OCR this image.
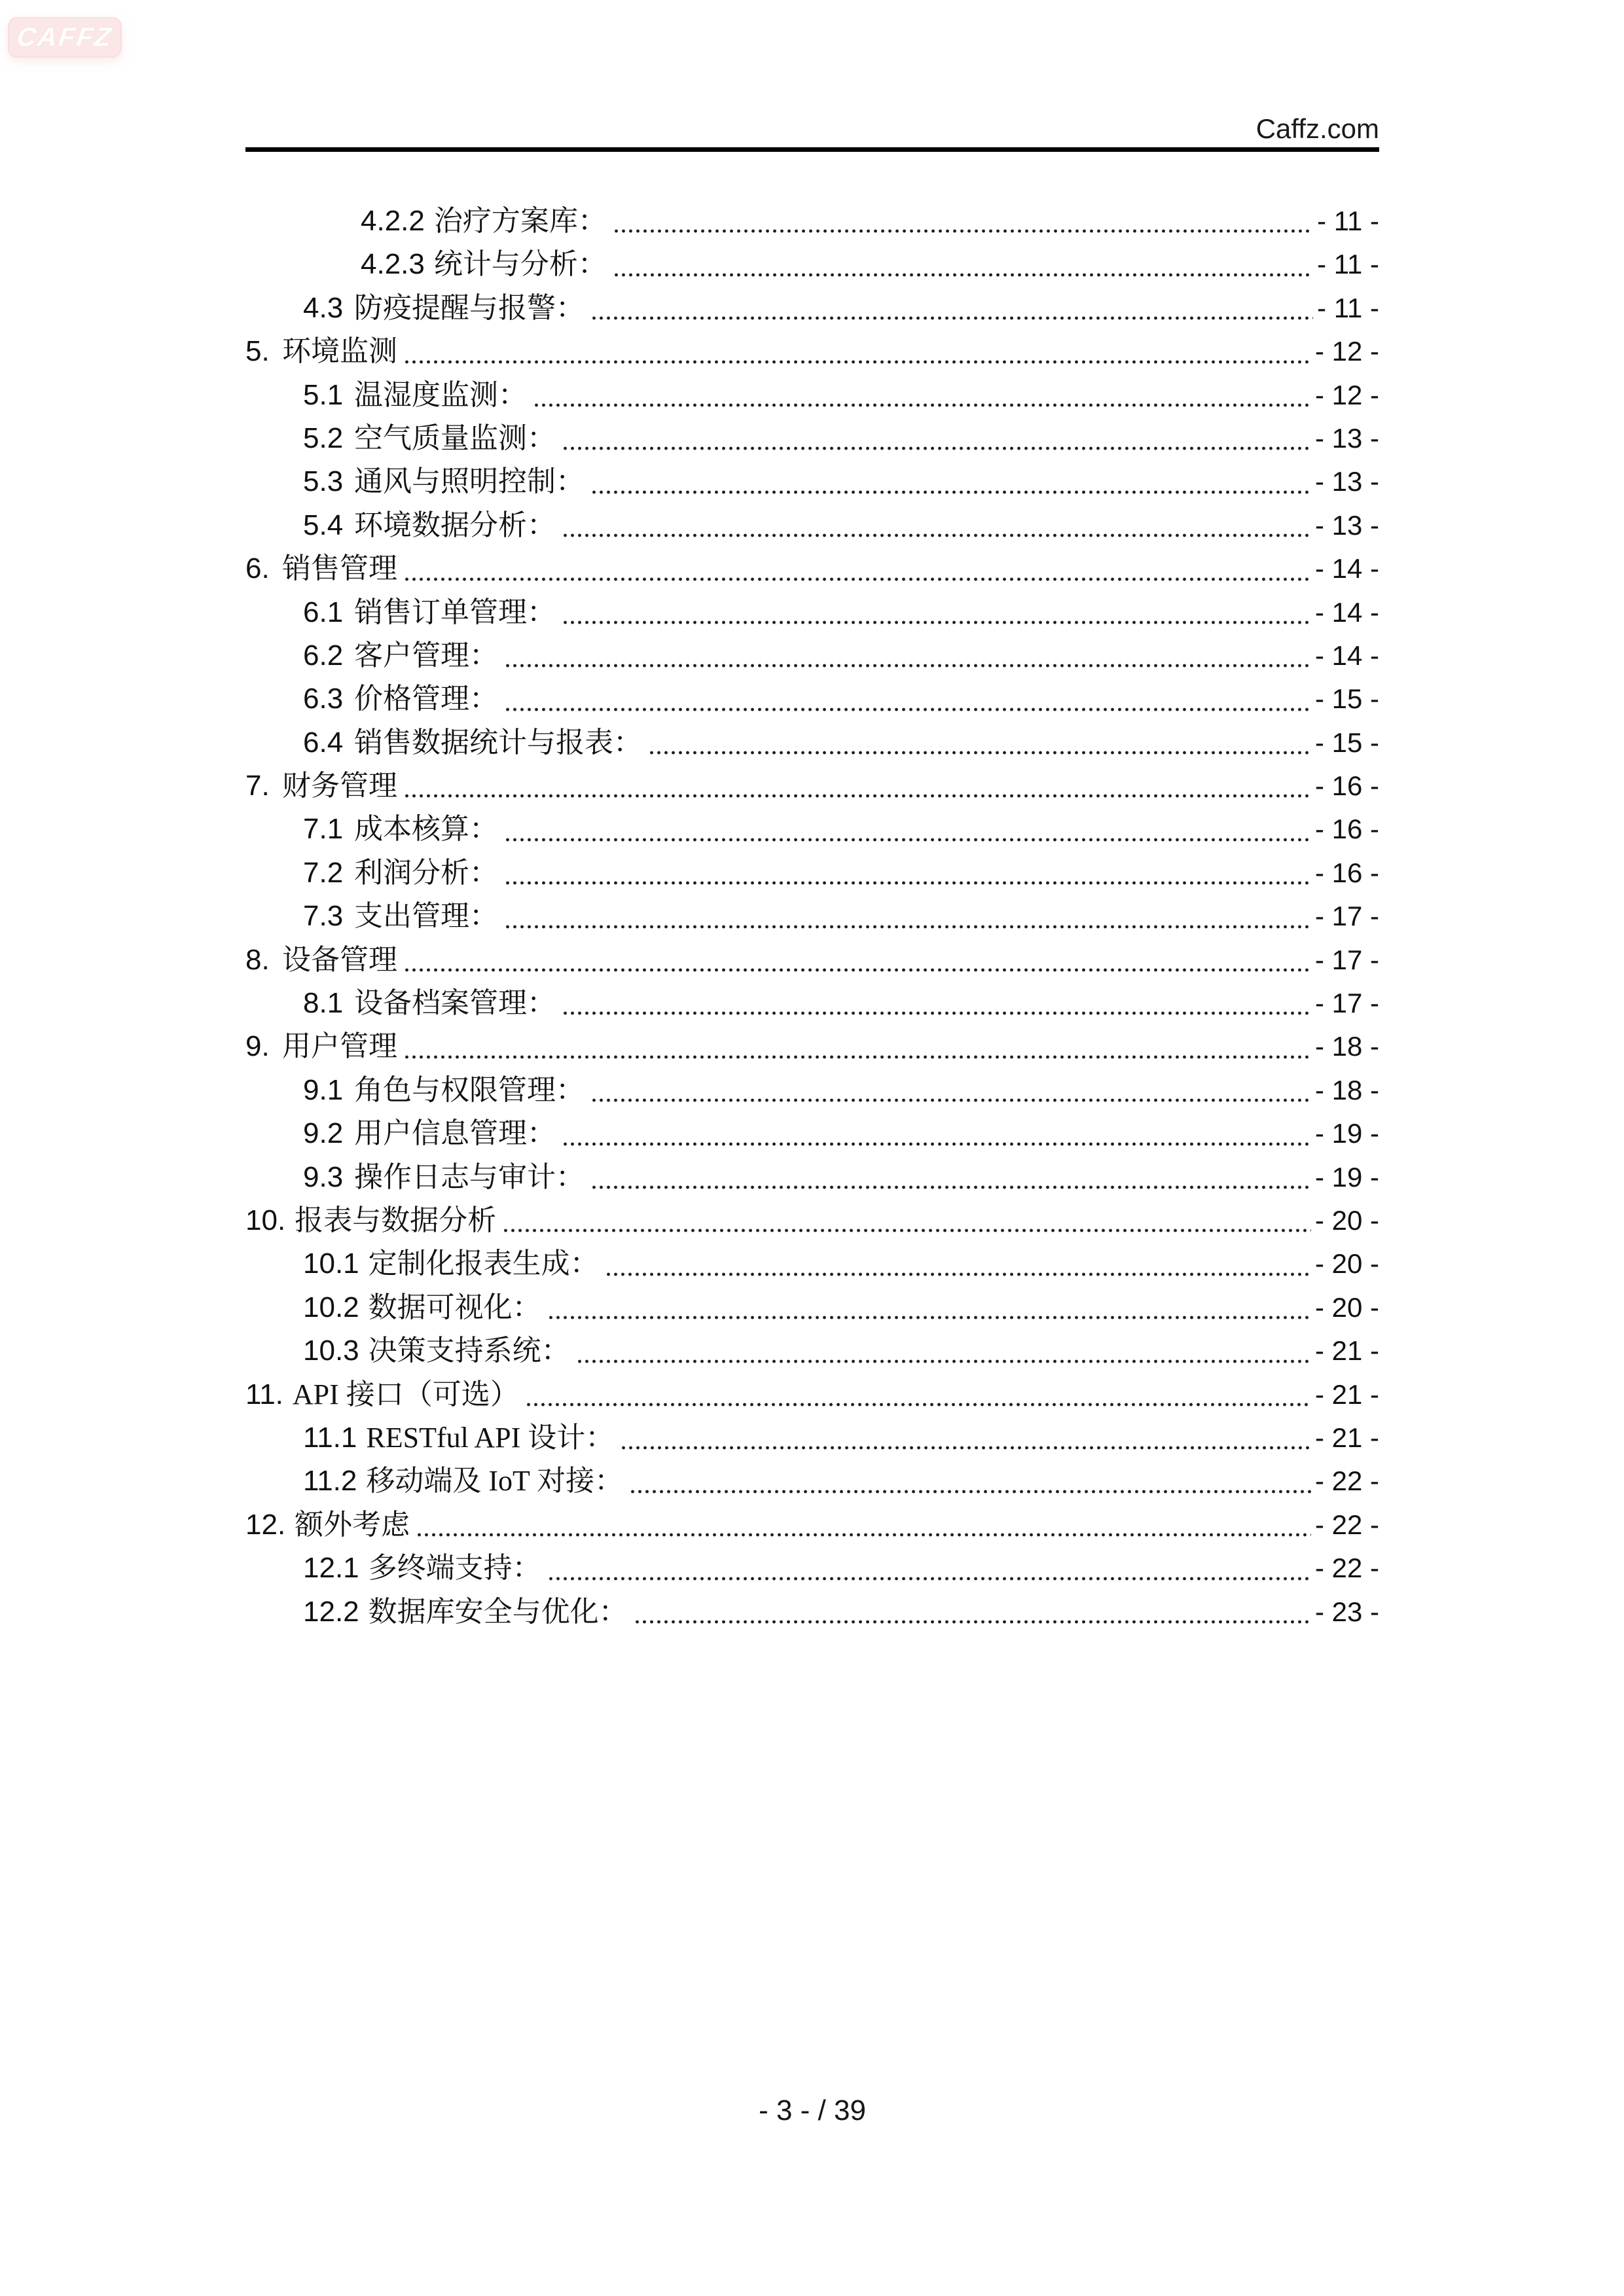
CAFFZ
Caffz.com
4.2.2 治疗方案库：	- 11 -
4.2.3 统计与分析：	- 11 -
4.3 防疫提醒与报警：	- 11 -
5. 环境监测	- 12 -
5.1 温湿度监测：	- 12 -
5.2 空气质量监测：	- 13 -
5.3 通风与照明控制：	- 13 -
5.4 环境数据分析：	- 13 -
6. 销售管理	- 14 -
6.1 销售订单管理：	- 14 -
6.2 客户管理：	- 14 -
6.3 价格管理：	- 15 -
6.4 销售数据统计与报表：	- 15 -
7. 财务管理	- 16 -
7.1 成本核算：	- 16 -
7.2 利润分析：	- 16 -
7.3 支出管理：	- 17 -
8. 设备管理	- 17 -
8.1 设备档案管理：	- 17 -
9. 用户管理	- 18 -
9.1 角色与权限管理：	- 18 -
9.2 用户信息管理：	- 19 -
9.3 操作日志与审计：	- 19 -
10. 报表与数据分析	- 20 -
10.1 定制化报表生成：	- 20 -
10.2 数据可视化：	- 20 -
10.3 决策支持系统：	- 21 -
11. API 接口（可选）	- 21 -
11.1 RESTful API 设计：	- 21 -
11.2 移动端及 IoT 对接：	- 22 -
12. 额外考虑	- 22 -
12.1 多终端支持：	- 22 -
12.2 数据库安全与优化：	- 23 -
- 3 - / 39
